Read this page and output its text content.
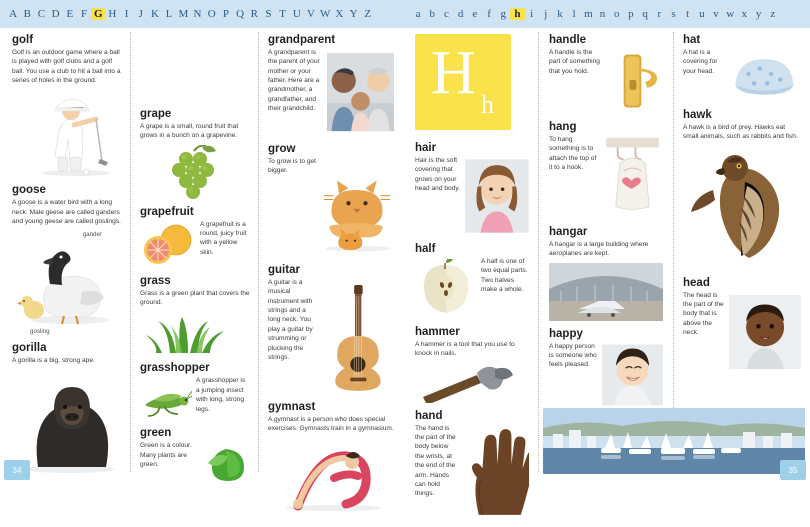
A B C D E F G H I J K L M N O P Q R S T U V W X Y Z	a b c d e f g h i	j k l m n o p q r s t u v w x y z
golf

Golf is an outdoor game where a ball is played with golf clubs and a golf ball. You use a club to hit a ball into a series of holes in the ground.

goose

A goose is a water bird with a long neck. Male geese are called ganders and young geese are called goslings.

gander
gosling
gorilla

A gorilla is a big, strong ape.

grape

A grape is a small, round fruit that grows in a bunch on a grapevine.

grapefruit

A grapefruit is a round, juicy fruit with a yellow skin.

grass

Grass is a green plant that covers the ground.

grasshopper

A grasshopper is a jumping insect with long, strong legs.

green

Green is a colour. Many plants are green.

grandparent

A grandparent is the parent of your mother or your father. Here are a grandmother, a grandfather, and their grandchild.

grow

To grow is to get bigger.

guitar

A guitar is a musical instrument with strings and a long neck. You play a guitar by strumming or plucking the strings.

gymnast

A gymnast is a person who does special exercises. Gymnasts train in a gymnasium.

34
H h
hair

Hair is the soft covering that grows on your head and body.

half

A half is one of two equal parts. Two halves make a whole.

hammer

A hammer is a tool that you use to knock in nails.

hand

The hand is the part of the body below the wrists, at the end of the arm. Hands can hold things.

handle

A handle is the part of something that you hold.

hang

To hang something is to attach the top of it to a hook.

hangar

A hangar is a large building where aeroplanes are kept.

happy

A happy person is someone who feels pleased.

hat

A hat is a covering for your head.

hawk

A hawk is a bird of prey. Hawks eat small animals, such as rabbits and fish.

head

The head is the part of the body that is above the neck.

35
